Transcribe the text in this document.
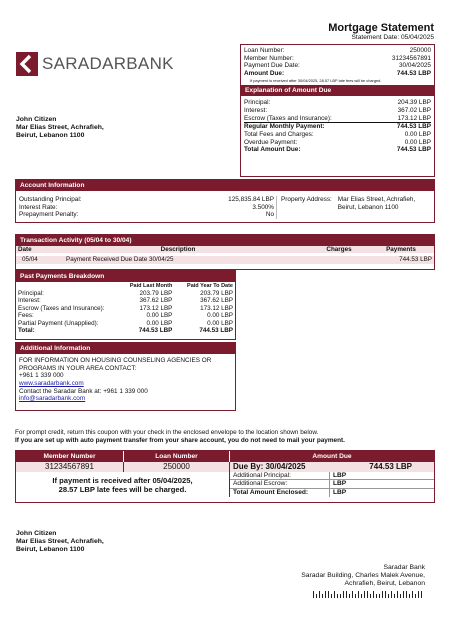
Mortgage Statement
Statement Date: 05/04/2025
SARADARBANK
Loan Number:	250000
Member Number:	31234567891
Payment Due Date:	30/04/2025
Amount Due:	744.53 LBP
If payment is received after 30/04/2025, 28.57 LBP late fees will be charged.
Explanation of Amount Due
Principal:	204.39 LBP
Interest:	367.02 LBP
Escrow (Taxes and Insurance):	173.12 LBP
Regular Monthly Payment:	744.53 LBP
Total Fees and Charges:	0.00 LBP
Overdue Payment:	0.00 LBP
Total Amount Due:	744.53 LBP
John Citizen
Mar Elias Street, Achrafieh,
Beirut, Lebanon 1100
Account Information
Outstanding Principal:	125,835.84 LBP
Interest Rate:	3.500%
Prepayment Penalty:	No
Property Address: Mar Elias Street, Achrafieh,
Beirut, Lebanon 1100
Transaction Activity (05/04 to 30/04)
Date	Description	Charges	Payments

05/04	Payment Received Due Date 30/04/25		744.53 LBP
Past Payments Breakdown
	Paid Last Month	Paid Year To Date
Principal:	203.79 LBP	203.79 LBP
Interest:	367.62 LBP	367.62 LBP
Escrow (Taxes and Insurance):	173.12 LBP	173.12 LBP
Fees:	0.00 LBP	0.00 LBP
Partial Payment (Unapplied):	0.00 LBP	0.00 LBP
Total:	744.53 LBP	744.53 LBP
Additional Information
FOR INFORMATION ON HOUSING COUNSELING AGENCIES OR
PROGRAMS IN YOUR AREA CONTACT:
+961 1 339 000
www.saradarbank.com
Contact the Saradar Bank at: +961 1 339 000
info@saradarbank.com
For prompt credit, return this coupon with your check in the enclosed envelope to the location shown below.
If you are set up with auto payment transfer from your share account, you do not need to mail your payment.
Member Number	Loan Number	Amount Due
31234567891	250000	Due By: 30/04/2025	744.53 LBP
If payment is received after 05/04/2025,
28.57 LBP late fees will be charged.
Additional Principal:	LBP
Additional Escrow:	LBP
Total Amount Enclosed:	LBP
John Citizen
Mar Elias Street, Achrafieh,
Beirut, Lebanon 1100
Saradar Bank
Saradar Building, Charles Malek Avenue,
Achrafieh, Beirut, Lebanon
